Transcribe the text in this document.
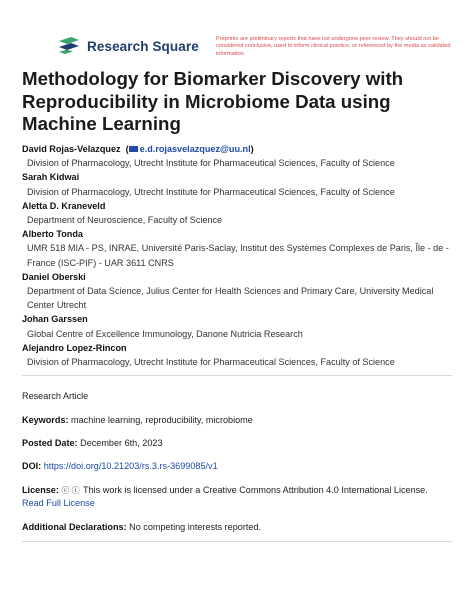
Research Square	Preprints are preliminary reports that have not undergone peer review. They should not be considered conclusive, used to inform clinical practice, or referenced by the media as validated information.
Methodology for Biomarker Discovery with Reproducibility in Microbiome Data using Machine Learning
David Rojas-Velazquez  ( e.d.rojasvelazquez@uu.nl)
Division of Pharmacology, Utrecht Institute for Pharmaceutical Sciences, Faculty of Science
Sarah Kidwai
Division of Pharmacology, Utrecht Institute for Pharmaceutical Sciences, Faculty of Science
Aletta D. Kraneveld
Department of Neuroscience, Faculty of Science
Alberto Tonda
UMR 518 MIA - PS, INRAE, Université Paris-Saclay, Institut des Systèmes Complexes de Paris, Île - de - France (ISC-PIF) - UAR 3611 CNRS
Daniel Oberski
Department of Data Science, Julius Center for Health Sciences and Primary Care, University Medical Center Utrecht
Johan Garssen
Global Centre of Excellence Immunology, Danone Nutricia Research
Alejandro Lopez-Rincon
Division of Pharmacology, Utrecht Institute for Pharmaceutical Sciences, Faculty of Science
Research Article
Keywords: machine learning, reproducibility, microbiome
Posted Date: December 6th, 2023
DOI: https://doi.org/10.21203/rs.3.rs-3699085/v1
License: ⓒ ⓘ This work is licensed under a Creative Commons Attribution 4.0 International License.
Read Full License
Additional Declarations: No competing interests reported.
